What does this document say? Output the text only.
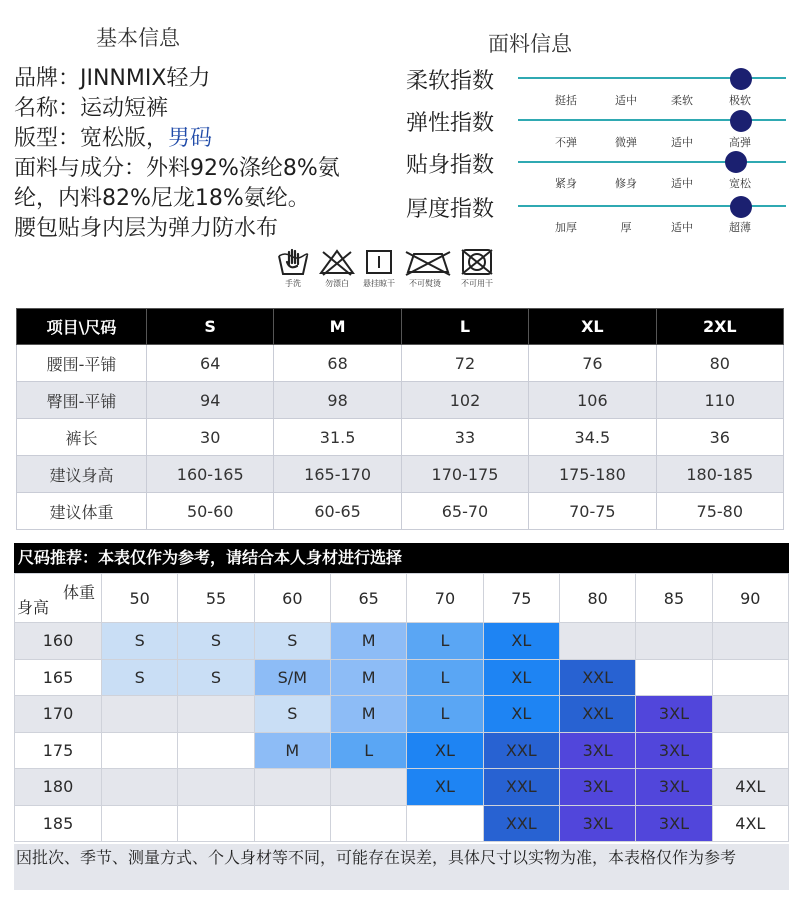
基本信息	面料信息
品牌：JINNMIX轻力
名称：运动短裤
版型：宽松版，男码
面料与成分：外料92%涤纶8%氨
纶，内料82%尼龙18%氨纶。
腰包贴身内层为弹力防水布
柔软指数
挺括	适中	柔软	极软
弹性指数
不弹	微弹	适中	高弹
贴身指数
紧身	修身	适中	宽松
厚度指数
加厚	厚	适中	超薄
手洗	勿漂白	悬挂晾干	不可熨烫	不可用干
项目\尺码	S	M	L	XL	2XL
腰围-平铺	64	68	72	76	80
臀围-平铺	94	98	102	106	110
裤长	30	31.5	33	34.5	36
建议身高	160-165	165-170	170-175	175-180	180-185
建议体重	50-60	60-65	65-70	70-75	75-80
尺码推荐：本表仅作为参考，请结合本人身材进行选择
体重
身高	50	55	60	65	70	75	80	85	90
160	S	S	S	M	L	XL			
165	S	S	S/M	M	L	XL	XXL		
170			S	M	L	XL	XXL	3XL	
175			M	L	XL	XXL	3XL	3XL	
180					XL	XXL	3XL	3XL	4XL
185						XXL	3XL	3XL	4XL
因批次、季节、测量方式、个人身材等不同，可能存在误差，具体尺寸以实物为准，本表格仅作为参考
